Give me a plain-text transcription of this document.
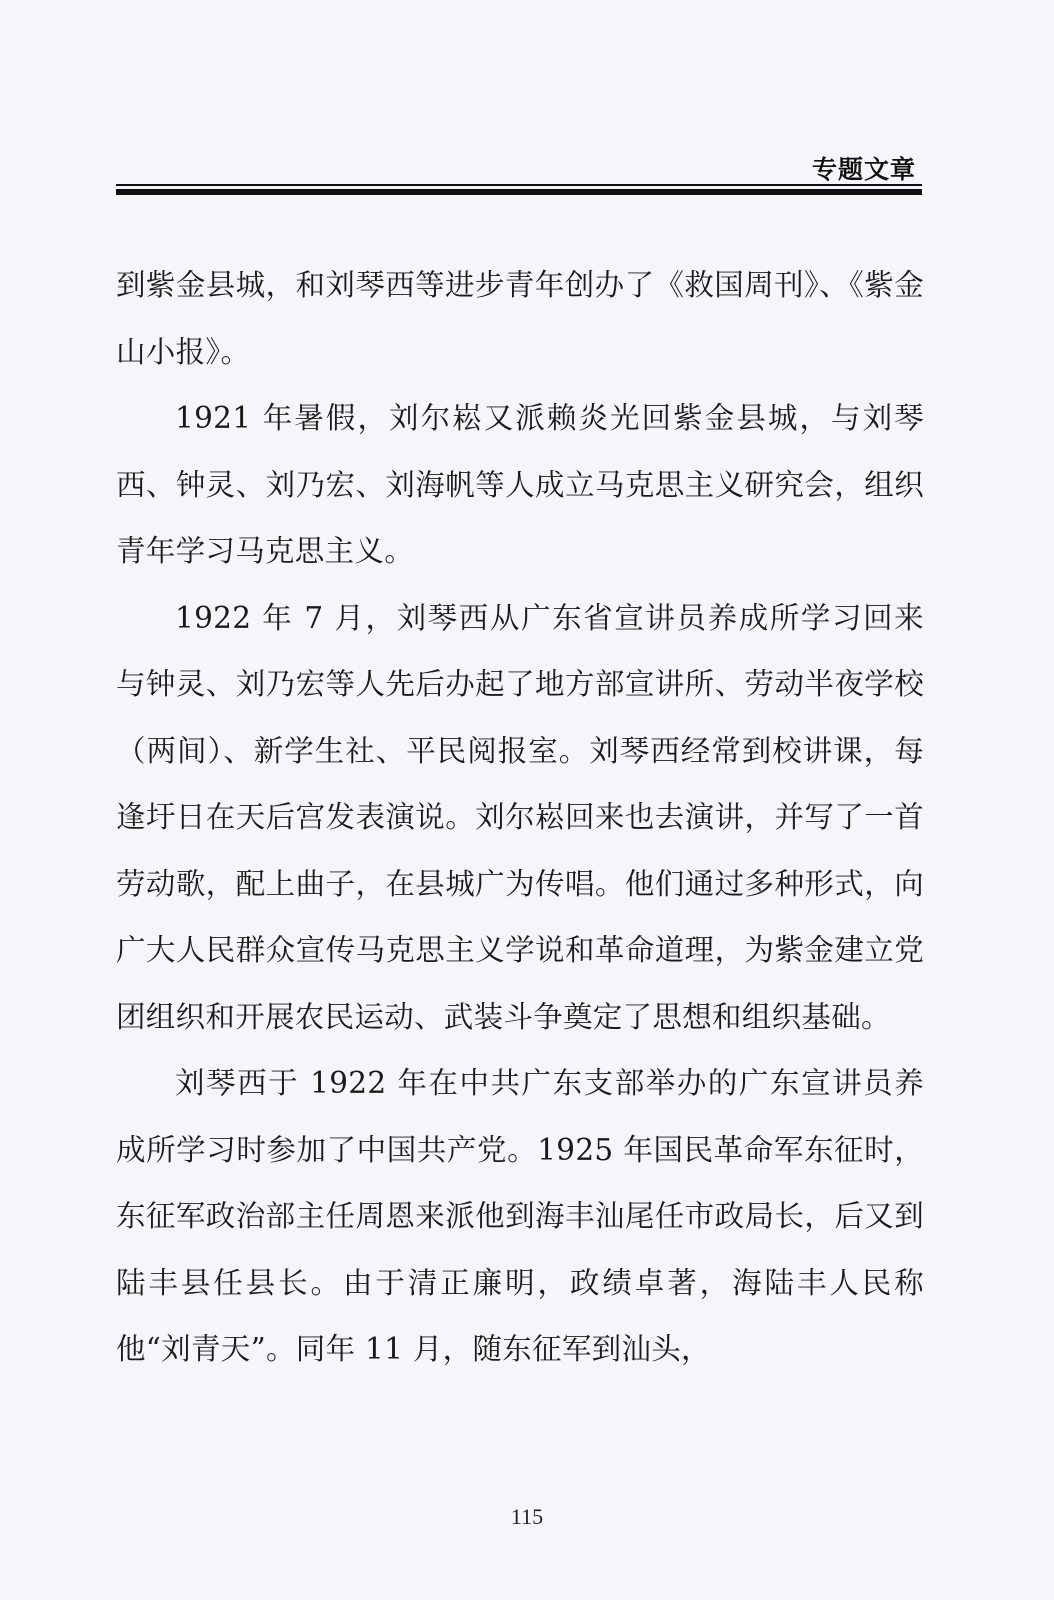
专题文章

到紫金县城，和刘琴西等进步青年创办了《救国周刊》、《紫金山小报》。

1921 年暑假，刘尔崧又派赖炎光回紫金县城，与刘琴西、钟灵、刘乃宏、刘海帆等人成立马克思主义研究会，组织青年学习马克思主义。

1922 年 7 月，刘琴西从广东省宣讲员养成所学习回来与钟灵、刘乃宏等人先后办起了地方部宣讲所、劳动半夜学校（两间）、新学生社、平民阅报室。刘琴西经常到校讲课，每逢圩日在天后宫发表演说。刘尔崧回来也去演讲，并写了一首劳动歌，配上曲子，在县城广为传唱。他们通过多种形式，向广大人民群众宣传马克思主义学说和革命道理，为紫金建立党团组织和开展农民运动、武装斗争奠定了思想和组织基础。

刘琴西于 1922 年在中共广东支部举办的广东宣讲员养成所学习时参加了中国共产党。1925 年国民革命军东征时，东征军政治部主任周恩来派他到海丰汕尾任市政局长，后又到陆丰县任县长。由于清正廉明，政绩卓著，海陆丰人民称他“刘青天”。同年 11 月，随东征军到汕头，

115
